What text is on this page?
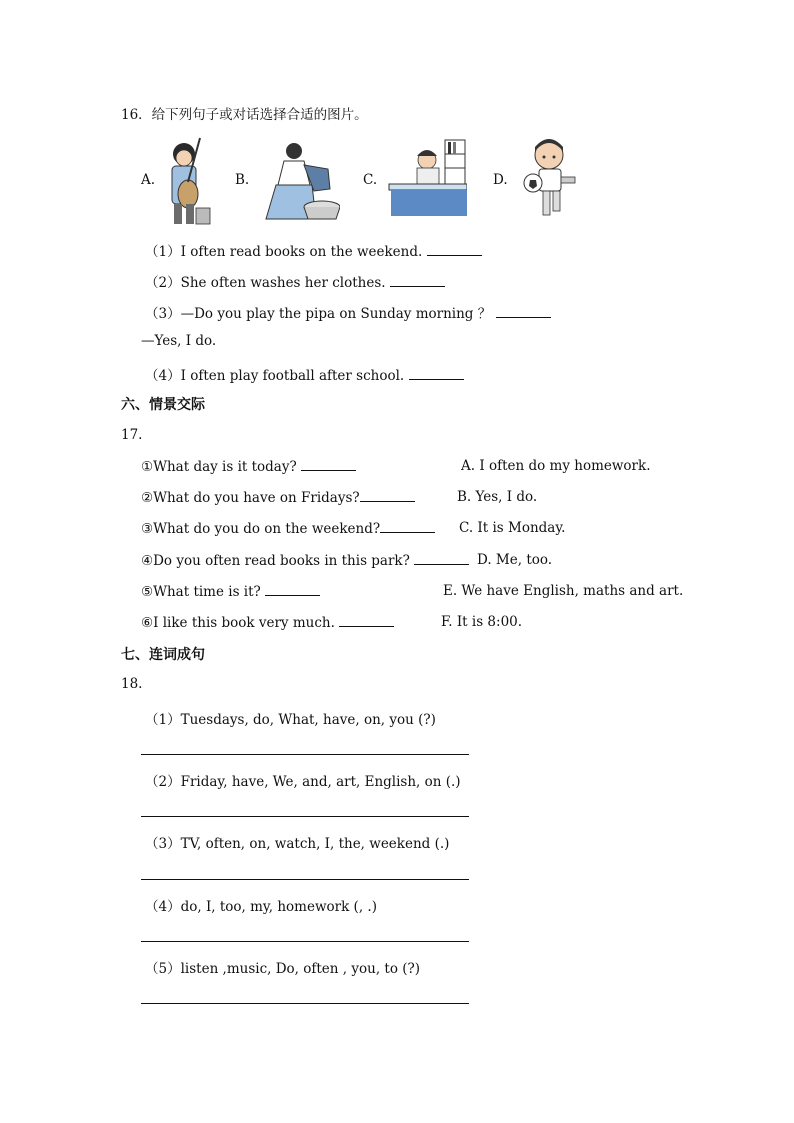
16．给下列句子或对话选择合适的图片。
A.	B.	C.	D.
（1）I often read books on the weekend.
（2）She often washes her clothes.
（3）—Do you play the pipa on Sunday morning ？
—Yes, I do.
（4）I often play football after school.
六、情景交际
17.
①What day is it today?
②What do you have on Fridays?
③What do you do on the weekend?
④Do you often read books in this park?
⑤What time is it?
⑥I like this book very much.
A. I often do my homework.
B. Yes, I do.
C. It is Monday.
D. Me, too.
E. We have English, maths and art.
F. It is 8:00.
七、连词成句
18.
（1）Tuesdays, do, What, have, on, you (?)
（2）Friday, have, We, and, art, English, on (.)
（3）TV, often, on, watch, I, the, weekend (.)
（4）do, I, too, my, homework (, .)
（5）listen ,music, Do, often , you, to (?)
